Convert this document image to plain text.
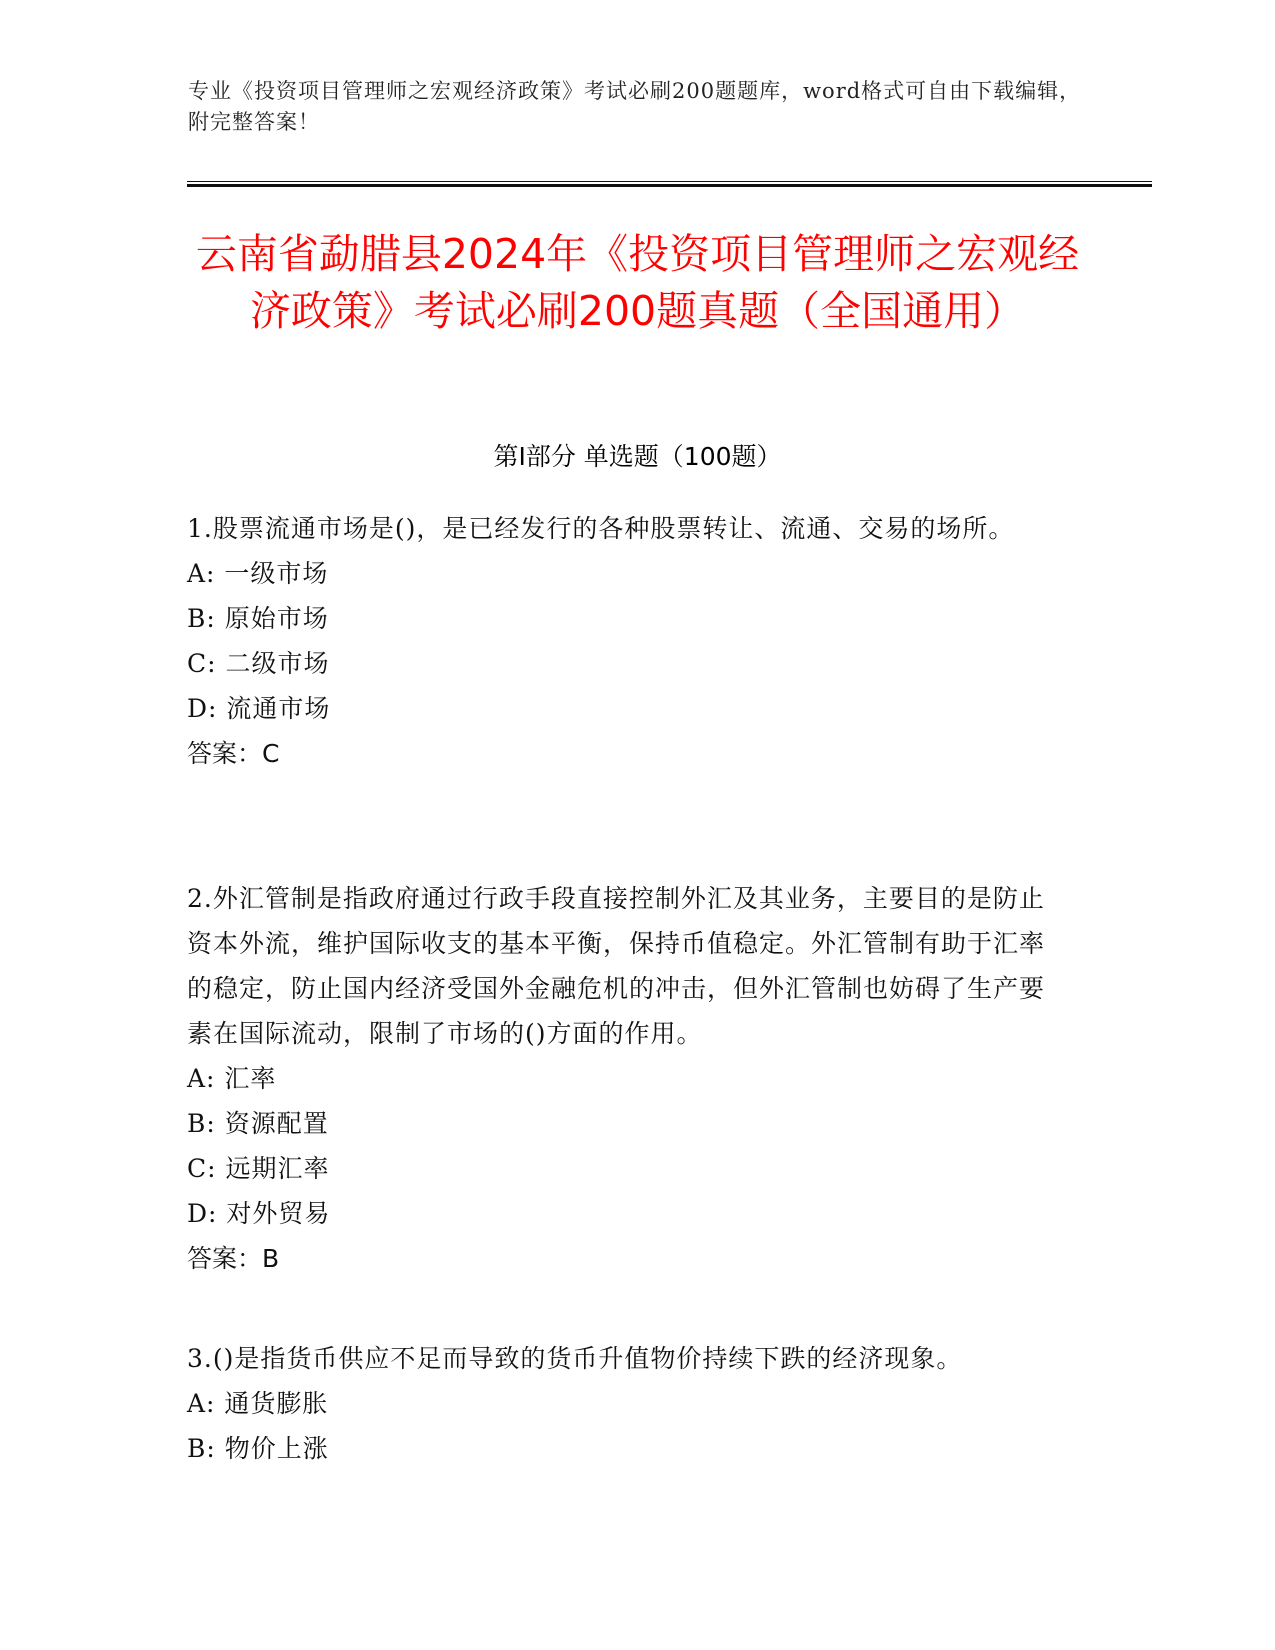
专业《投资项目管理师之宏观经济政策》考试必刷200题题库，word格式可自由下载编辑，附完整答案！
云南省勐腊县2024年《投资项目管理师之宏观经济政策》考试必刷200题真题（全国通用）
第I部分 单选题（100题）

1.股票流通市场是()，是已经发行的各种股票转让、流通、交易的场所。

A: 一级市场

B: 原始市场

C: 二级市场

D: 流通市场

答案：C

2.外汇管制是指政府通过行政手段直接控制外汇及其业务，主要目的是防止资本外流，维护国际收支的基本平衡，保持币值稳定。外汇管制有助于汇率的稳定，防止国内经济受国外金融危机的冲击，但外汇管制也妨碍了生产要素在国际流动，限制了市场的()方面的作用。

A: 汇率

B: 资源配置

C: 远期汇率

D: 对外贸易

答案：B

3.()是指货币供应不足而导致的货币升值物价持续下跌的经济现象。

A: 通货膨胀

B: 物价上涨
